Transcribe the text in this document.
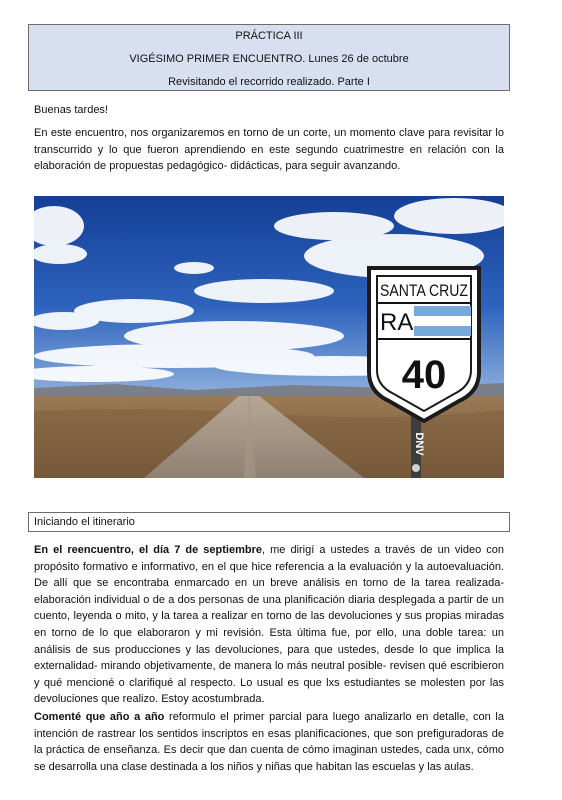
PRÁCTICA III
VIGÉSIMO PRIMER ENCUENTRO. Lunes 26 de octubre
Revisitando el recorrido realizado. Parte I
Buenas tardes!
En este encuentro, nos organizaremos en torno de un corte, un momento clave para revisitar lo transcurrido y lo que fueron aprendiendo en este segundo cuatrimestre en relación con la elaboración de propuestas pedagógico- didácticas, para seguir avanzando.
DNV
SANTA CRUZ
RA
40
Iniciando el itinerario
En el reencuentro, el día 7 de septiembre, me dirigí a ustedes a través de un video con propósito formativo e informativo, en el que hice referencia a la evaluación y la autoevaluación. De allí que se encontraba enmarcado en un breve análisis en torno de la tarea realizada- elaboración individual o de a dos personas de una planificación diaria desplegada a partir de un cuento, leyenda o mito, y la tarea a realizar en torno de las devoluciones y sus propias miradas en torno de lo que elaboraron y mi revisión. Esta última fue, por ello, una doble tarea: un análisis de sus producciones y las devoluciones, para que ustedes, desde lo que implica la externalidad- mirando objetivamente, de manera lo más neutral posible- revisen qué escribieron y qué mencioné o clarifiqué al respecto. Lo usual es que lxs estudiantes se molesten por las devoluciones que realizo. Estoy acostumbrada.
Comenté que año a año reformulo el primer parcial para luego analizarlo en detalle, con la intención de rastrear los sentidos inscriptos en esas planificaciones, que son prefiguradoras de la práctica de enseñanza. Es decir que dan cuenta de cómo imaginan ustedes, cada unx, cómo se desarrolla una clase destinada a los niños y niñas que habitan las escuelas y las aulas.
